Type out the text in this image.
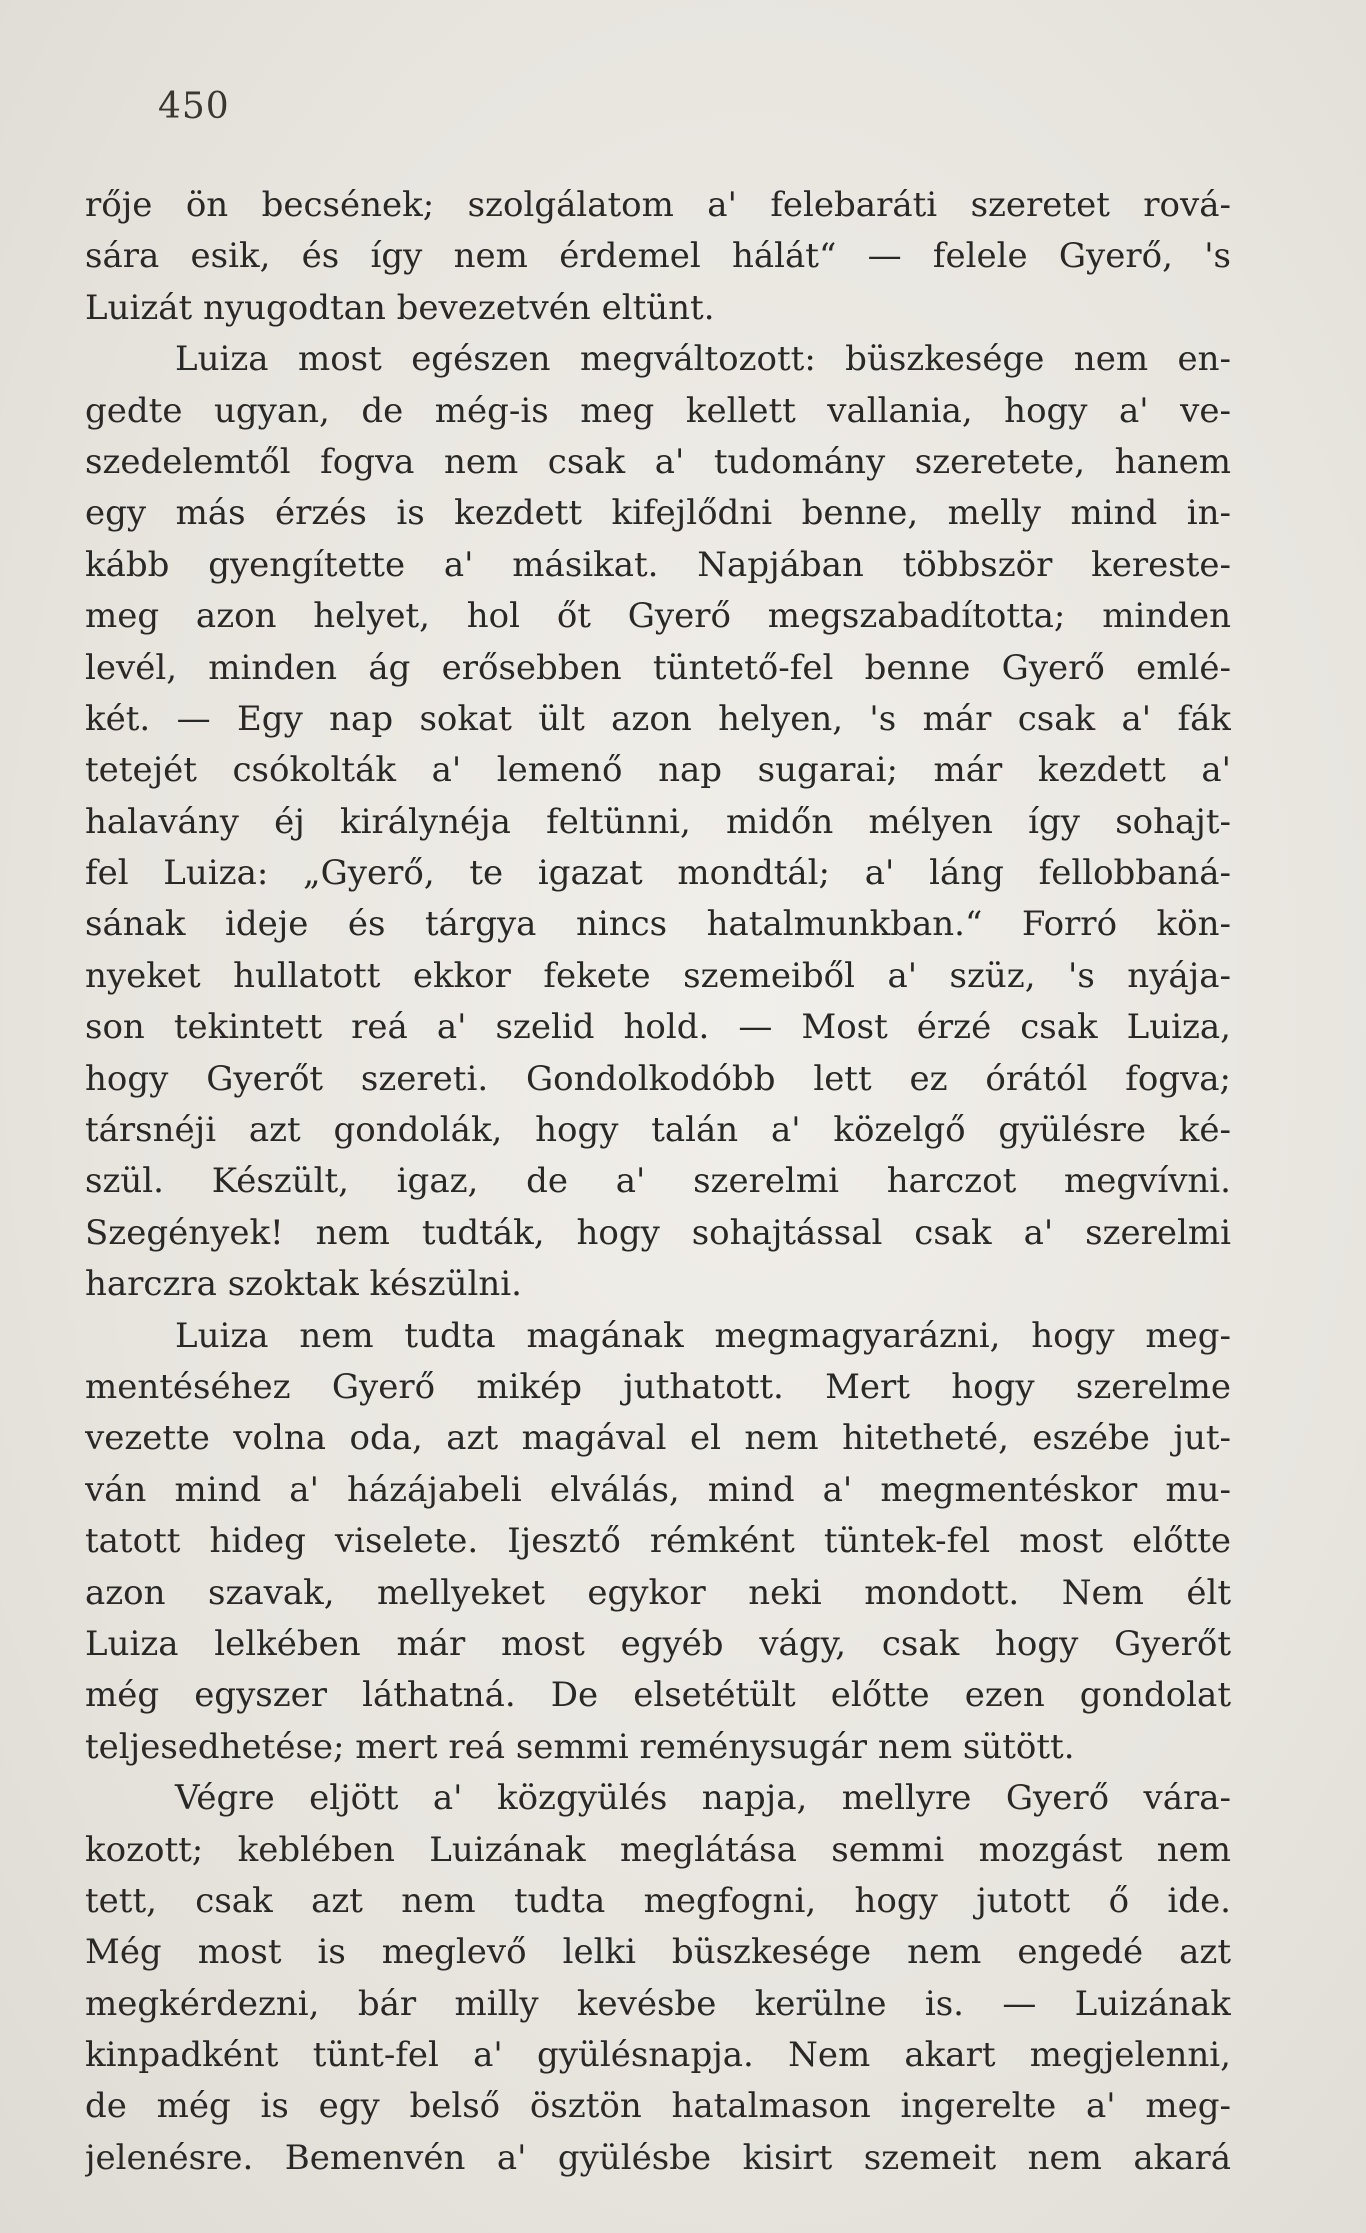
450
rője ön becsének; szolgálatom a' felebaráti szeretet rová-
sára esik, és így nem érdemel hálát“ — felele Gyerő, 's
Luizát nyugodtan bevezetvén eltünt.
Luiza most egészen megváltozott: büszkesége nem en-
gedte ugyan, de még-is meg kellett vallania, hogy a' ve-
szedelemtől fogva nem csak a' tudomány szeretete, hanem
egy más érzés is kezdett kifejlődni benne, melly mind in-
kább gyengítette a' másikat. Napjában többször kereste-
meg azon helyet, hol őt Gyerő megszabadította; minden
levél, minden ág erősebben tüntető-fel benne Gyerő emlé-
két. — Egy nap sokat ült azon helyen, 's már csak a' fák
tetejét csókolták a' lemenő nap sugarai; már kezdett a'
halavány éj királynéja feltünni, midőn mélyen így sohajt-
fel Luiza: „Gyerő, te igazat mondtál; a' láng fellobbaná-
sának ideje és tárgya nincs hatalmunkban.“ Forró kön-
nyeket hullatott ekkor fekete szemeiből a' szüz, 's nyája-
son tekintett reá a' szelid hold. — Most érzé csak Luiza,
hogy Gyerőt szereti. Gondolkodóbb lett ez órától fogva;
társnéji azt gondolák, hogy talán a' közelgő gyülésre ké-
szül. Készült, igaz, de a' szerelmi harczot megvívni.
Szegények! nem tudták, hogy sohajtással csak a' szerelmi
harczra szoktak készülni.
Luiza nem tudta magának megmagyarázni, hogy meg-
mentéséhez Gyerő mikép juthatott. Mert hogy szerelme
vezette volna oda, azt magával el nem hitetheté, eszébe jut-
ván mind a' házájabeli elválás, mind a' megmentéskor mu-
tatott hideg viselete. Ijesztő rémként tüntek-fel most előtte
azon szavak, mellyeket egykor neki mondott. Nem élt
Luiza lelkében már most egyéb vágy, csak hogy Gyerőt
még egyszer láthatná. De elsetétült előtte ezen gondolat
teljesedhetése; mert reá semmi reménysugár nem sütött.
Végre eljött a' közgyülés napja, mellyre Gyerő vára-
kozott; keblében Luizának meglátása semmi mozgást nem
tett, csak azt nem tudta megfogni, hogy jutott ő ide.
Még most is meglevő lelki büszkesége nem engedé azt
megkérdezni, bár milly kevésbe kerülne is. — Luizának
kinpadként tünt-fel a' gyülésnapja. Nem akart megjelenni,
de még is egy belső ösztön hatalmason ingerelte a' meg-
jelenésre. Bemenvén a' gyülésbe kisirt szemeit nem akará
